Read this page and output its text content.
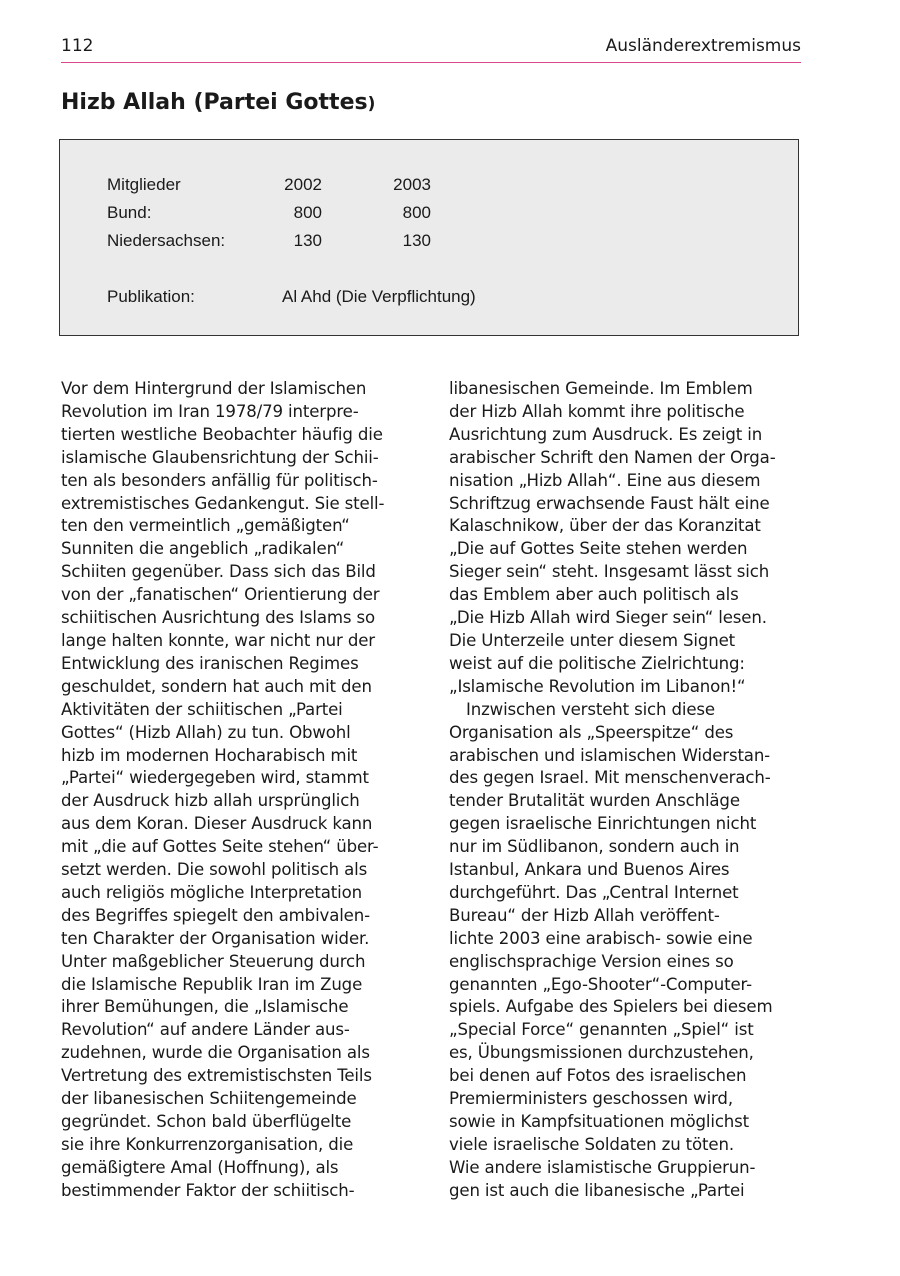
112	Ausländerextremismus
Hizb Allah (Partei Gottes)
Mitglieder	2002	2003
Bund:	800	800
Niedersachsen:	130	130
Publikation:	Al Ahd (Die Verpflichtung)

Vor dem Hintergrund der Islamischen
Revolution im Iran 1978/79 interpre-
tierten westliche Beobachter häufig die
islamische Glaubensrichtung der Schii-
ten als besonders anfällig für politisch-
extremistisches Gedankengut. Sie stell-
ten den vermeintlich „gemäßigten“
Sunniten die angeblich „radikalen“
Schiiten gegenüber. Dass sich das Bild
von der „fanatischen“ Orientierung der
schiitischen Ausrichtung des Islams so
lange halten konnte, war nicht nur der
Entwicklung des iranischen Regimes
geschuldet, sondern hat auch mit den
Aktivitäten der schiitischen „Partei
Gottes“ (Hizb Allah) zu tun. Obwohl
hizb im modernen Hocharabisch mit
„Partei“ wiedergegeben wird, stammt
der Ausdruck hizb allah ursprünglich
aus dem Koran. Dieser Ausdruck kann
mit „die auf Gottes Seite stehen“ über-
setzt werden. Die sowohl politisch als
auch religiös mögliche Interpretation
des Begriffes spiegelt den ambivalen-
ten Charakter der Organisation wider.
Unter maßgeblicher Steuerung durch
die Islamische Republik Iran im Zuge
ihrer Bemühungen, die „Islamische
Revolution“ auf andere Länder aus-
zudehnen, wurde die Organisation als
Vertretung des extremistischsten Teils
der libanesischen Schiitengemeinde
gegründet. Schon bald überflügelte
sie ihre Konkurrenzorganisation, die
gemäßigtere Amal (Hoffnung), als
bestimmender Faktor der schiitisch-

libanesischen Gemeinde. Im Emblem
der Hizb Allah kommt ihre politische
Ausrichtung zum Ausdruck. Es zeigt in
arabischer Schrift den Namen der Orga-
nisation „Hizb Allah“. Eine aus diesem
Schriftzug erwachsende Faust hält eine
Kalaschnikow, über der das Koranzitat
„Die auf Gottes Seite stehen werden
Sieger sein“ steht. Insgesamt lässt sich
das Emblem aber auch politisch als
„Die Hizb Allah wird Sieger sein“ lesen.
Die Unterzeile unter diesem Signet
weist auf die politische Zielrichtung:
„Islamische Revolution im Libanon!“

Inzwischen versteht sich diese
Organisation als „Speerspitze“ des
arabischen und islamischen Widerstan-
des gegen Israel. Mit menschenverach-
tender Brutalität wurden Anschläge
gegen israelische Einrichtungen nicht
nur im Südlibanon, sondern auch in
Istanbul, Ankara und Buenos Aires
durchgeführt. Das „Central Internet
Bureau“ der Hizb Allah veröffent-
lichte 2003 eine arabisch- sowie eine
englischsprachige Version eines so
genannten „Ego-Shooter“-Computer-
spiels. Aufgabe des Spielers bei diesem
„Special Force“ genannten „Spiel“ ist
es, Übungsmissionen durchzustehen,
bei denen auf Fotos des israelischen
Premierministers geschossen wird,
sowie in Kampfsituationen möglichst
viele israelische Soldaten zu töten.
Wie andere islamistische Gruppierun-
gen ist auch die libanesische „Partei
